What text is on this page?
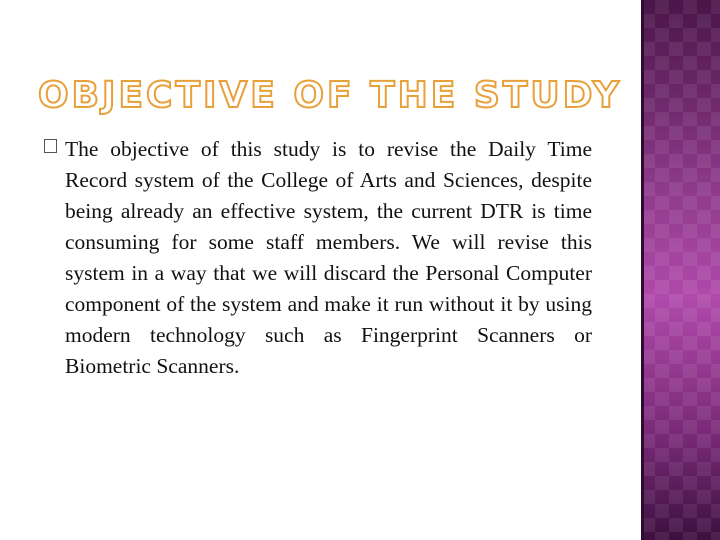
OBJECTIVE OF THE STUDY

The objective of this study is to revise the Daily Time Record system of the College of Arts and Sciences, despite being already an effective system, the current DTR is time consuming for some staff members. We will revise this system in a way that we will discard the Personal Computer component of the system and make it run without it by using modern technology such as Fingerprint Scanners or Biometric Scanners.
